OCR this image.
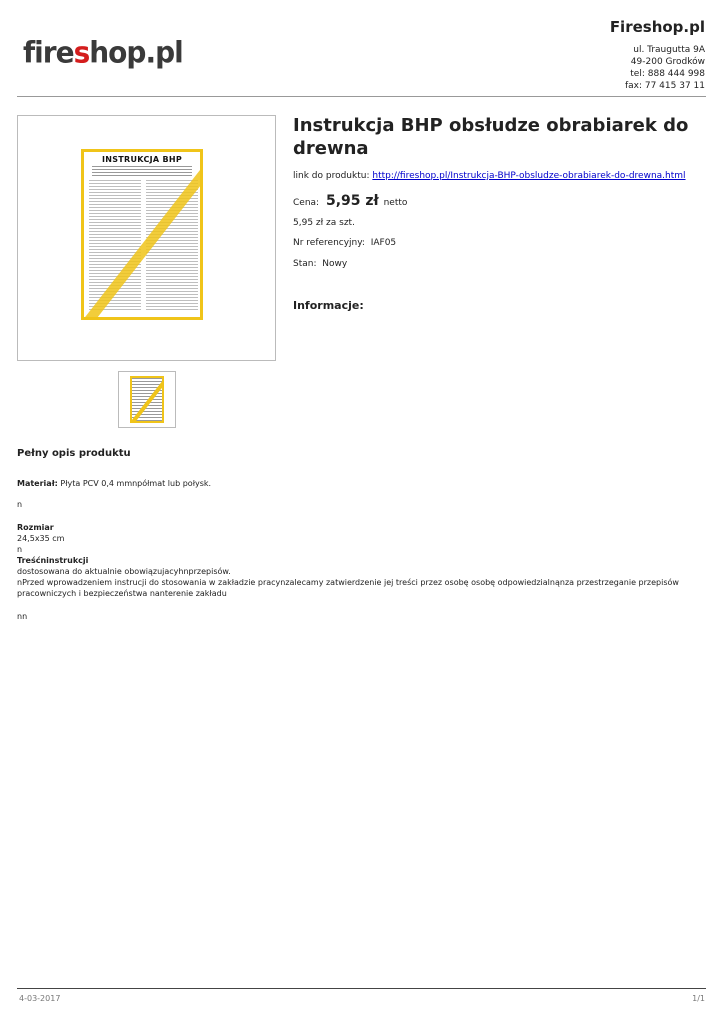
fireshop.pl
Fireshop.pl
ul. Traugutta 9A
49-200 Grodków
tel: 888 444 998
fax: 77 415 37 11
INSTRUKCJA BHP
Instrukcja BHP obsłudze obrabiarek do drewna
link do produktu: http://fireshop.pl/Instrukcja-BHP-obsludze-obrabiarek-do-drewna.html
Cena: 5,95 zł netto
5,95 zł za szt.
Nr referencyjny: IAF05
Stan: Nowy
Informacje:
Pełny opis produktu

Materiał: Płyta PCV 0,4 mmnpółmat lub połysk.

n

Rozmiar

24,5x35 cm

n

Treśćninstrukcji

dostosowana do aktualnie obowiązujacyhnprzepisów.

nPrzed wprowadzeniem instrucji do stosowania w zakładzie pracynzalecamy zatwierdzenie jej treści przez osobę osobę odpowiedzialnąnza przestrzeganie przepisów pracowniczych i bezpieczeństwa nanterenie zakładu

nn

4-03-2017	1/1
